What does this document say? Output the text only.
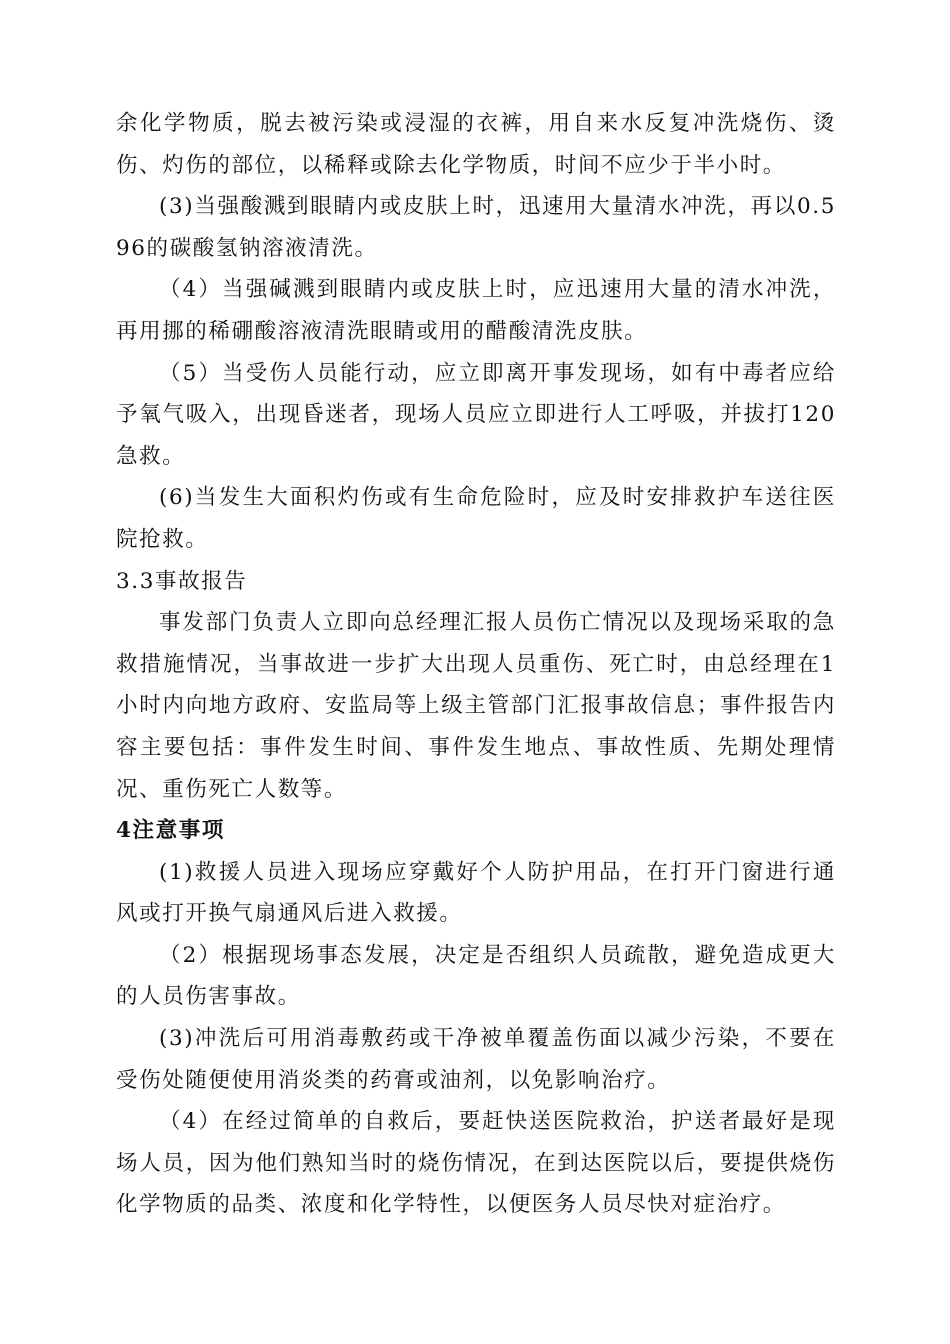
余化学物质，脱去被污染或浸湿的衣裤，用自来水反复冲洗烧伤、烫伤、灼伤的部位，以稀释或除去化学物质，时间不应少于半小时。

(3)当强酸溅到眼睛内或皮肤上时，迅速用大量清水冲洗，再以0.596的碳酸氢钠溶液清洗。

（4）当强碱溅到眼睛内或皮肤上时，应迅速用大量的清水冲洗，再用挪的稀硼酸溶液清洗眼睛或用的醋酸清洗皮肤。

（5）当受伤人员能行动，应立即离开事发现场，如有中毒者应给予氧气吸入，出现昏迷者，现场人员应立即进行人工呼吸，并拔打120急救。

(6)当发生大面积灼伤或有生命危险时，应及时安排救护车送往医院抢救。

3.3事故报告

事发部门负责人立即向总经理汇报人员伤亡情况以及现场采取的急救措施情况，当事故进一步扩大出现人员重伤、死亡时，由总经理在1小时内向地方政府、安监局等上级主管部门汇报事故信息；事件报告内容主要包括：事件发生时间、事件发生地点、事故性质、先期处理情况、重伤死亡人数等。

4注意事项

(1)救援人员进入现场应穿戴好个人防护用品，在打开门窗进行通风或打开换气扇通风后进入救援。

（2）根据现场事态发展，决定是否组织人员疏散，避免造成更大的人员伤害事故。

(3)冲洗后可用消毒敷药或干净被单覆盖伤面以减少污染，不要在受伤处随便使用消炎类的药膏或油剂，以免影响治疗。

（4）在经过简单的自救后，要赶快送医院救治，护送者最好是现场人员，因为他们熟知当时的烧伤情况，在到达医院以后，要提供烧伤化学物质的品类、浓度和化学特性，以便医务人员尽快对症治疗。
